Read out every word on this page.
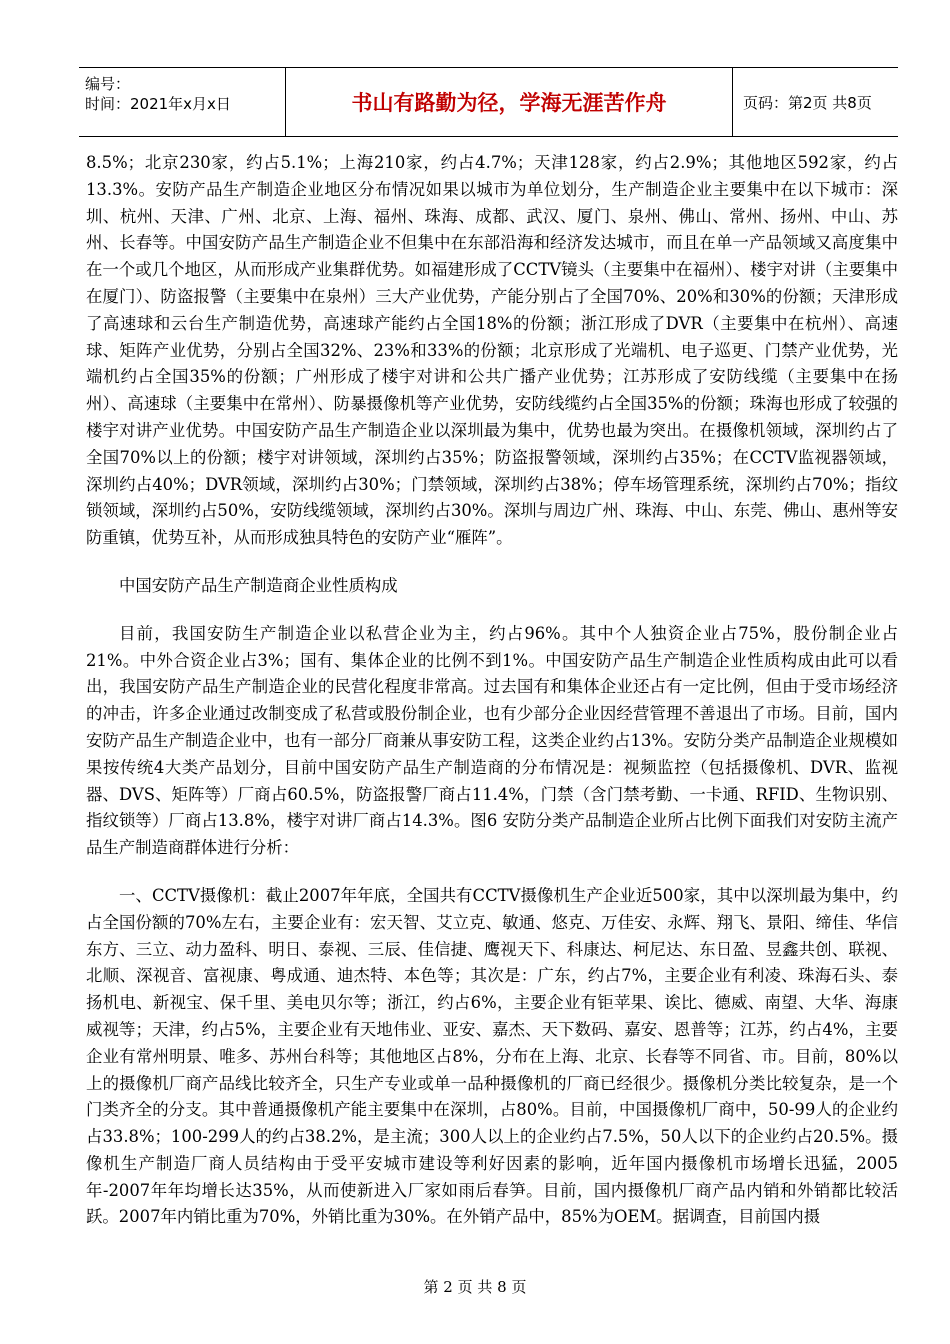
编号：
时间：2021年x月x日	书山有路勤为径，学海无涯苦作舟	页码：第2页 共8页

8.5%；北京230家，约占5.1%；上海210家，约占4.7%；天津128家，约占2.9%；其他地区592家，约占13.3%。安防产品生产制造企业地区分布情况如果以城市为单位划分，生产制造企业主要集中在以下城市：深圳、杭州、天津、广州、北京、上海、福州、珠海、成都、武汉、厦门、泉州、佛山、常州、扬州、中山、苏州、长春等。中国安防产品生产制造企业不但集中在东部沿海和经济发达城市，而且在单一产品领域又高度集中在一个或几个地区，从而形成产业集群优势。如福建形成了CCTV镜头（主要集中在福州）、楼宇对讲（主要集中在厦门）、防盗报警（主要集中在泉州）三大产业优势，产能分别占了全国70%、20%和30%的份额；天津形成了高速球和云台生产制造优势，高速球产能约占全国18%的份额；浙江形成了DVR（主要集中在杭州）、高速球、矩阵产业优势，分别占全国32%、23%和33%的份额；北京形成了光端机、电子巡更、门禁产业优势，光端机约占全国35%的份额；广州形成了楼宇对讲和公共广播产业优势；江苏形成了安防线缆（主要集中在扬州）、高速球（主要集中在常州）、防暴摄像机等产业优势，安防线缆约占全国35%的份额；珠海也形成了较强的楼宇对讲产业优势。中国安防产品生产制造企业以深圳最为集中，优势也最为突出。在摄像机领域，深圳约占了全国70%以上的份额；楼宇对讲领域，深圳约占35%；防盗报警领域，深圳约占35%；在CCTV监视器领域，深圳约占40%；DVR领域，深圳约占30%；门禁领域，深圳约占38%；停车场管理系统，深圳约占70%；指纹锁领域，深圳约占50%，安防线缆领域，深圳约占30%。深圳与周边广州、珠海、中山、东莞、佛山、惠州等安防重镇，优势互补，从而形成独具特色的安防产业“雁阵”。

中国安防产品生产制造商企业性质构成

目前，我国安防生产制造企业以私营企业为主，约占96%。其中个人独资企业占75%，股份制企业占21%。中外合资企业占3%；国有、集体企业的比例不到1%。中国安防产品生产制造企业性质构成由此可以看出，我国安防产品生产制造企业的民营化程度非常高。过去国有和集体企业还占有一定比例，但由于受市场经济的冲击，许多企业通过改制变成了私营或股份制企业，也有少部分企业因经营管理不善退出了市场。目前，国内安防产品生产制造企业中，也有一部分厂商兼从事安防工程，这类企业约占13%。安防分类产品制造企业规模如果按传统4大类产品划分，目前中国安防产品生产制造商的分布情况是：视频监控（包括摄像机、DVR、监视器、DVS、矩阵等）厂商占60.5%，防盗报警厂商占11.4%，门禁（含门禁考勤、一卡通、RFID、生物识别、指纹锁等）厂商占13.8%，楼宇对讲厂商占14.3%。图6 安防分类产品制造企业所占比例下面我们对安防主流产品生产制造商群体进行分析：

一、CCTV摄像机：截止2007年年底，全国共有CCTV摄像机生产企业近500家，其中以深圳最为集中，约占全国份额的70%左右，主要企业有：宏天智、艾立克、敏通、悠克、万佳安、永辉、翔飞、景阳、缔佳、华信东方、三立、动力盈科、明日、泰视、三辰、佳信捷、鹰视天下、科康达、柯尼达、东日盈、昱鑫共创、联视、北顺、深视音、富视康、粤成通、迪杰特、本色等；其次是：广东，约占7%，主要企业有利凌、珠海石头、泰扬机电、新视宝、保千里、美电贝尔等；浙江，约占6%，主要企业有钜苹果、诶比、德威、南望、大华、海康威视等；天津，约占5%，主要企业有天地伟业、亚安、嘉杰、天下数码、嘉安、恩普等；江苏，约占4%，主要企业有常州明景、唯多、苏州台科等；其他地区占8%，分布在上海、北京、长春等不同省、市。目前，80%以上的摄像机厂商产品线比较齐全，只生产专业或单一品种摄像机的厂商已经很少。摄像机分类比较复杂，是一个门类齐全的分支。其中普通摄像机产能主要集中在深圳，占80%。目前，中国摄像机厂商中，50-99人的企业约占33.8%；100-299人的约占38.2%，是主流；300人以上的企业约占7.5%，50人以下的企业约占20.5%。摄像机生产制造厂商人员结构由于受平安城市建设等利好因素的影响，近年国内摄像机市场增长迅猛，2005年-2007年年均增长达35%，从而使新进入厂家如雨后春笋。目前，国内摄像机厂商产品内销和外销都比较活跃。2007年内销比重为70%，外销比重为30%。在外销产品中，85%为OEM。据调查，目前国内摄

第 2 页 共 8 页
